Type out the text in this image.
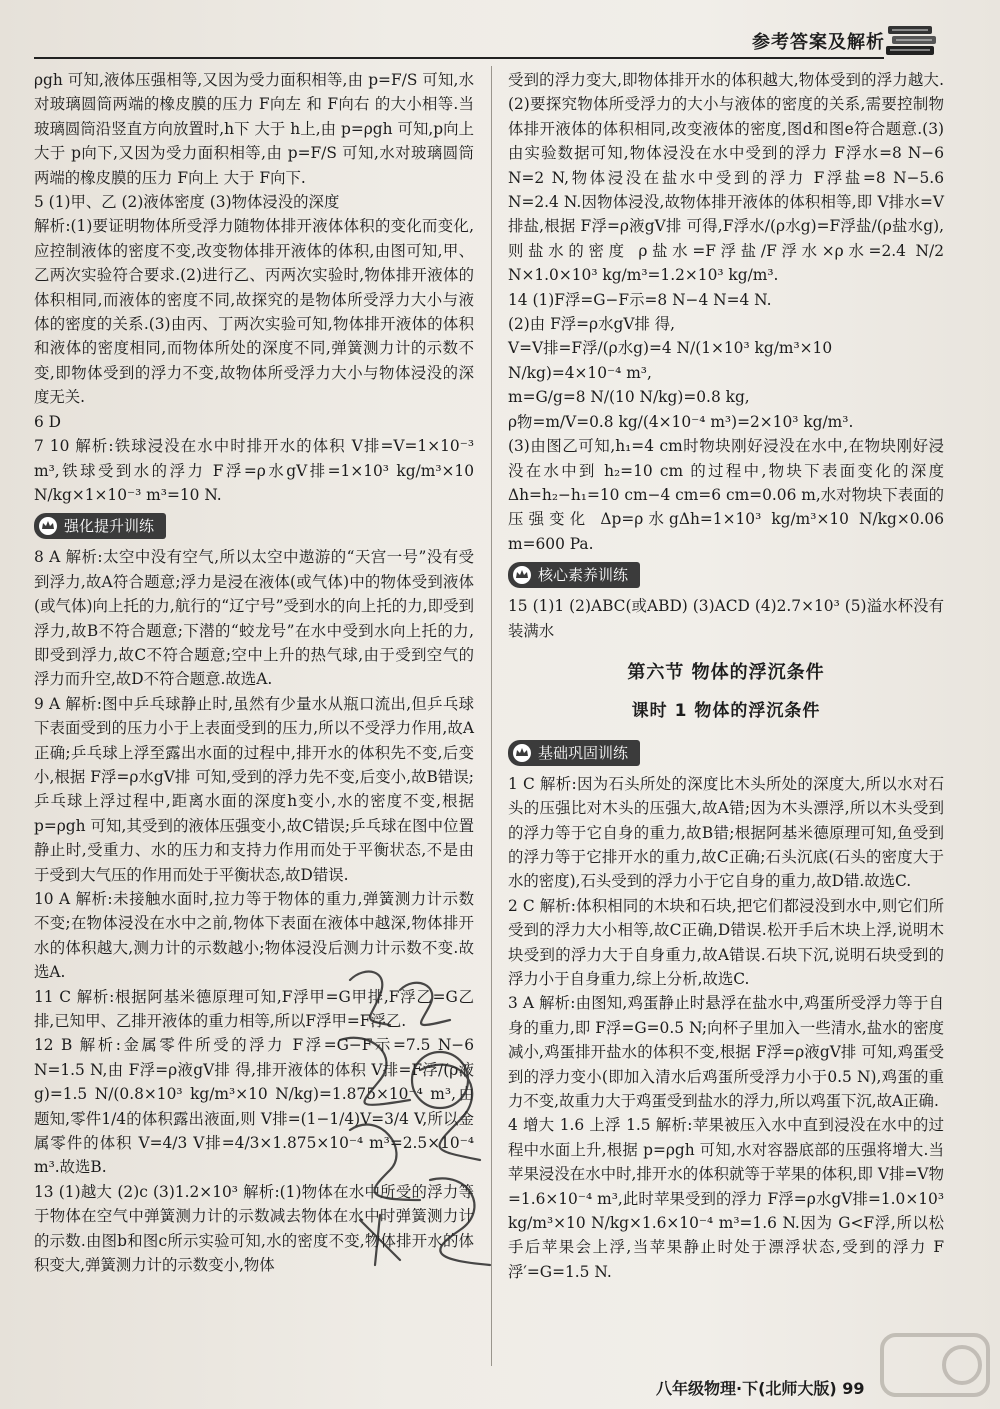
参考答案及解析

ρgh 可知,液体压强相等,又因为受力面积相等,由 p=F/S 可知,水对玻璃圆筒两端的橡皮膜的压力 F向左 和 F向右 的大小相等.当玻璃圆筒沿竖直方向放置时,h下 大于 h上,由 p=ρgh 可知,p向上 大于 p向下,又因为受力面积相等,由 p=F/S 可知,水对玻璃圆筒两端的橡皮膜的压力 F向上 大于 F向下.

5 (1)甲、乙 (2)液体密度 (3)物体浸没的深度

解析:(1)要证明物体所受浮力随物体排开液体体积的变化而变化,应控制液体的密度不变,改变物体排开液体的体积,由图可知,甲、乙两次实验符合要求.(2)进行乙、丙两次实验时,物体排开液体的体积相同,而液体的密度不同,故探究的是物体所受浮力大小与液体的密度的关系.(3)由丙、丁两次实验可知,物体排开液体的体积和液体的密度相同,而物体所处的深度不同,弹簧测力计的示数不变,即物体受到的浮力不变,故物体所受浮力大小与物体浸没的深度无关.

6 D

7 10 解析:铁球浸没在水中时排开水的体积 V排=V=1×10⁻³ m³,铁球受到水的浮力 F浮=ρ水gV排=1×10³ kg/m³×10 N/kg×1×10⁻³ m³=10 N.

强化提升训练

8 A 解析:太空中没有空气,所以太空中遨游的“天宫一号”没有受到浮力,故A符合题意;浮力是浸在液体(或气体)中的物体受到液体(或气体)向上托的力,航行的“辽宁号”受到水的向上托的力,即受到浮力,故B不符合题意;下潜的“蛟龙号”在水中受到水向上托的力,即受到浮力,故C不符合题意;空中上升的热气球,由于受到空气的浮力而升空,故D不符合题意.故选A.

9 A 解析:图中乒乓球静止时,虽然有少量水从瓶口流出,但乒乓球下表面受到的压力小于上表面受到的压力,所以不受浮力作用,故A正确;乒乓球上浮至露出水面的过程中,排开水的体积先不变,后变小,根据 F浮=ρ水gV排 可知,受到的浮力先不变,后变小,故B错误;乒乓球上浮过程中,距离水面的深度h变小,水的密度不变,根据 p=ρgh 可知,其受到的液体压强变小,故C错误;乒乓球在图中位置静止时,受重力、水的压力和支持力作用而处于平衡状态,不是由于受到大气压的作用而处于平衡状态,故D错误.

10 A 解析:未接触水面时,拉力等于物体的重力,弹簧测力计示数不变;在物体浸没在水中之前,物体下表面在液体中越深,物体排开水的体积越大,测力计的示数越小;物体浸没后测力计示数不变.故选A.

11 C 解析:根据阿基米德原理可知,F浮甲=G甲排,F浮乙=G乙排,已知甲、乙排开液体的重力相等,所以F浮甲=F浮乙.

12 B 解析:金属零件所受的浮力 F浮=G−F示=7.5 N−6 N=1.5 N,由 F浮=ρ液gV排 得,排开液体的体积 V排=F浮/(ρ液g)=1.5 N/(0.8×10³ kg/m³×10 N/kg)=1.875×10⁻⁴ m³,由题知,零件1/4的体积露出液面,则 V排=(1−1/4)V=3/4 V,所以金属零件的体积 V=4/3 V排=4/3×1.875×10⁻⁴ m³=2.5×10⁻⁴ m³.故选B.

13 (1)越大 (2)c (3)1.2×10³ 解析:(1)物体在水中所受的浮力等于物体在空气中弹簧测力计的示数减去物体在水中时弹簧测力计的示数.由图b和图c所示实验可知,水的密度不变,物体排开水的体积变大,弹簧测力计的示数变小,物体

受到的浮力变大,即物体排开水的体积越大,物体受到的浮力越大.(2)要探究物体所受浮力的大小与液体的密度的关系,需要控制物体排开液体的体积相同,改变液体的密度,图d和图e符合题意.(3)由实验数据可知,物体浸没在水中受到的浮力 F浮水=8 N−6 N=2 N,物体浸没在盐水中受到的浮力 F浮盐=8 N−5.6 N=2.4 N.因物体浸没,故物体排开液体的体积相等,即 V排水=V排盐,根据 F浮=ρ液gV排 可得,F浮水/(ρ水g)=F浮盐/(ρ盐水g),则盐水的密度 ρ盐水=F浮盐/F浮水×ρ水=2.4 N/2 N×1.0×10³ kg/m³=1.2×10³ kg/m³.

14 (1)F浮=G−F示=8 N−4 N=4 N.

(2)由 F浮=ρ水gV排 得,

V=V排=F浮/(ρ水g)=4 N/(1×10³ kg/m³×10 N/kg)=4×10⁻⁴ m³,

m=G/g=8 N/(10 N/kg)=0.8 kg,

ρ物=m/V=0.8 kg/(4×10⁻⁴ m³)=2×10³ kg/m³.

(3)由图乙可知,h₁=4 cm时物块刚好浸没在水中,在物块刚好浸没在水中到 h₂=10 cm 的过程中,物块下表面变化的深度 Δh=h₂−h₁=10 cm−4 cm=6 cm=0.06 m,水对物块下表面的压强变化 Δp=ρ水gΔh=1×10³ kg/m³×10 N/kg×0.06 m=600 Pa.

核心素养训练

15 (1)1 (2)ABC(或ABD) (3)ACD (4)2.7×10³ (5)溢水杯没有装满水

第六节 物体的浮沉条件
课时 1 物体的浮沉条件
基础巩固训练

1 C 解析:因为石头所处的深度比木头所处的深度大,所以水对石头的压强比对木头的压强大,故A错;因为木头漂浮,所以木头受到的浮力等于它自身的重力,故B错;根据阿基米德原理可知,鱼受到的浮力等于它排开水的重力,故C正确;石头沉底(石头的密度大于水的密度),石头受到的浮力小于它自身的重力,故D错.故选C.

2 C 解析:体积相同的木块和石块,把它们都浸没到水中,则它们所受到的浮力大小相等,故C正确,D错误.松开手后木块上浮,说明木块受到的浮力大于自身重力,故A错误.石块下沉,说明石块受到的浮力小于自身重力,综上分析,故选C.

3 A 解析:由图知,鸡蛋静止时悬浮在盐水中,鸡蛋所受浮力等于自身的重力,即 F浮=G=0.5 N;向杯子里加入一些清水,盐水的密度减小,鸡蛋排开盐水的体积不变,根据 F浮=ρ液gV排 可知,鸡蛋受到的浮力变小(即加入清水后鸡蛋所受浮力小于0.5 N),鸡蛋的重力不变,故重力大于鸡蛋受到盐水的浮力,所以鸡蛋下沉,故A正确.

4 增大 1.6 上浮 1.5 解析:苹果被压入水中直到浸没在水中的过程中水面上升,根据 p=ρgh 可知,水对容器底部的压强将增大.当苹果浸没在水中时,排开水的体积就等于苹果的体积,即 V排=V物=1.6×10⁻⁴ m³,此时苹果受到的浮力 F浮=ρ水gV排=1.0×10³ kg/m³×10 N/kg×1.6×10⁻⁴ m³=1.6 N.因为 G<F浮,所以松手后苹果会上浮,当苹果静止时处于漂浮状态,受到的浮力 F浮′=G=1.5 N.

八年级物理·下(北师大版) 99
